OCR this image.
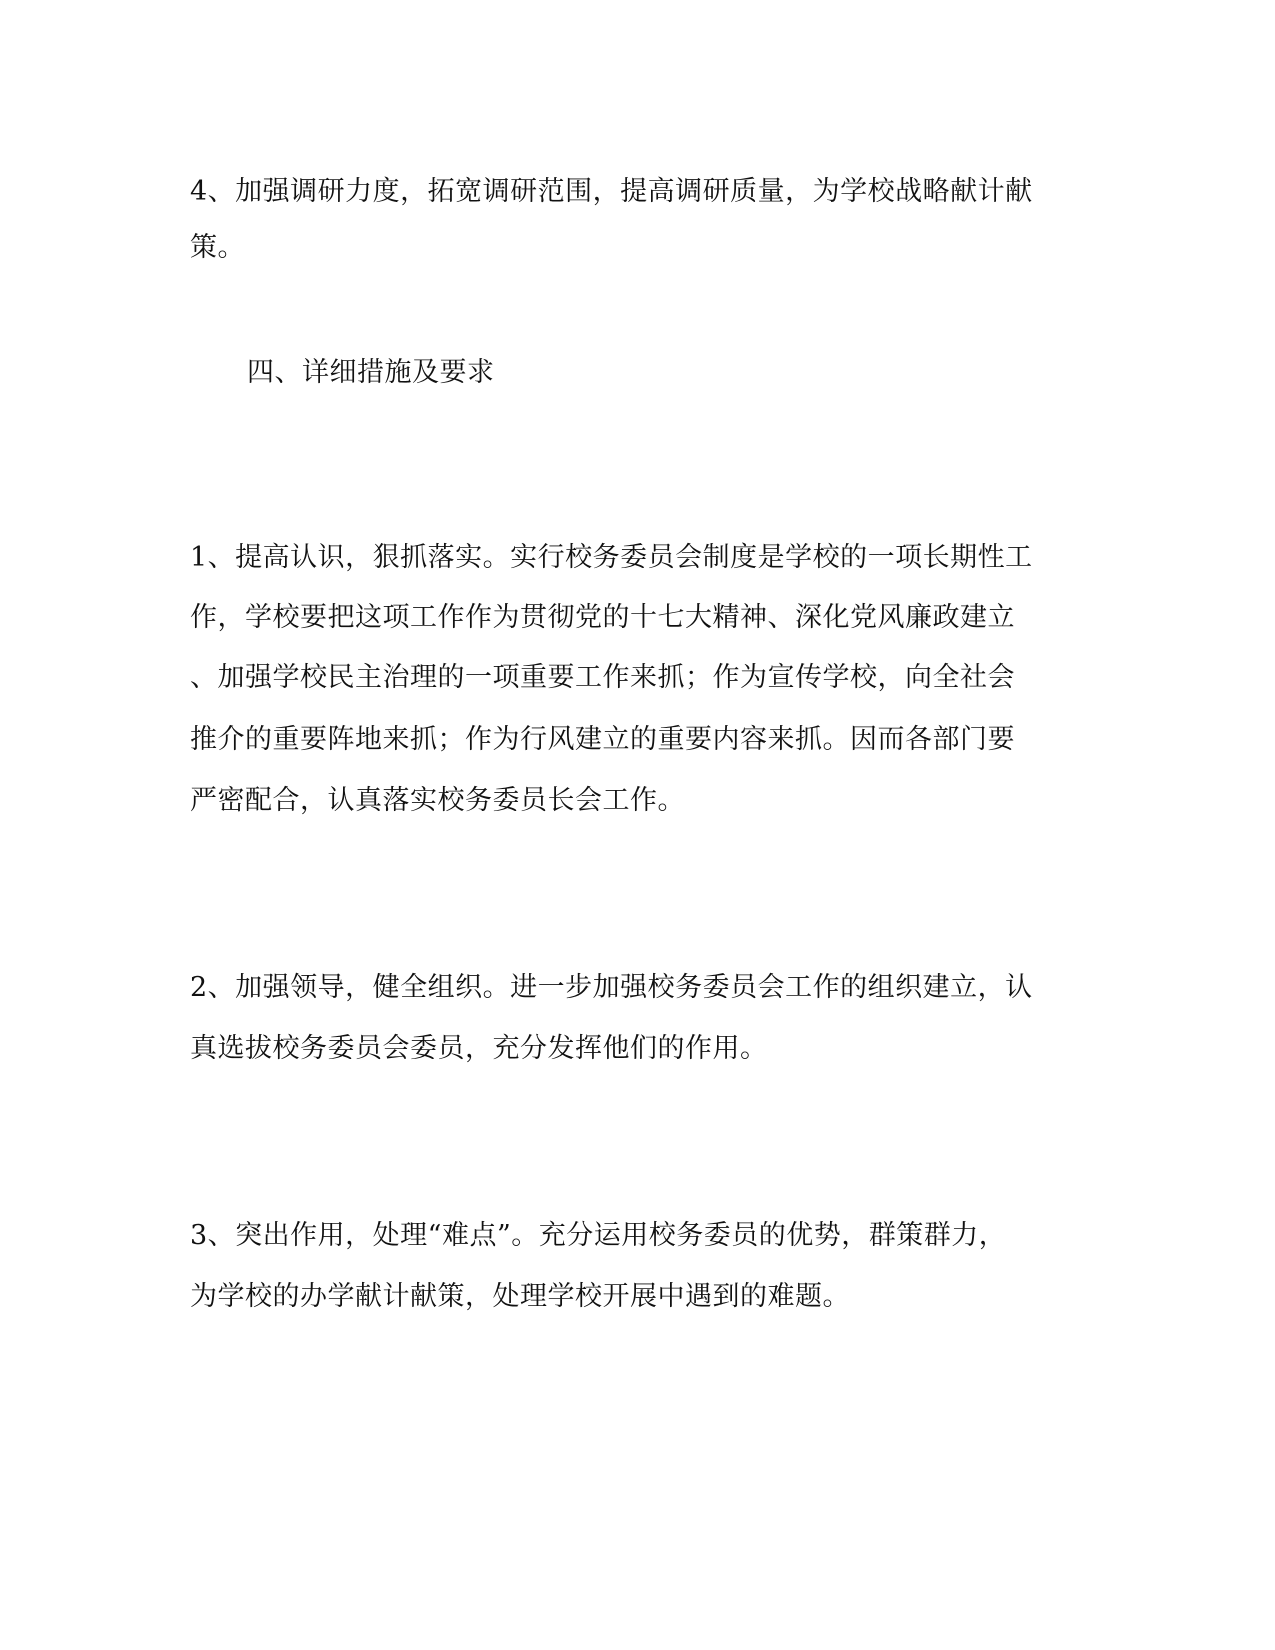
4、加强调研力度，拓宽调研范围，提高调研质量，为学校战略献计献
策。
四、详细措施及要求
1、提高认识，狠抓落实。实行校务委员会制度是学校的一项长期性工
作，学校要把这项工作作为贯彻党的十七大精神、深化党风廉政建立
、加强学校民主治理的一项重要工作来抓；作为宣传学校，向全社会
推介的重要阵地来抓；作为行风建立的重要内容来抓。因而各部门要
严密配合，认真落实校务委员长会工作。
2、加强领导，健全组织。进一步加强校务委员会工作的组织建立，认
真选拔校务委员会委员，充分发挥他们的作用。
3、突出作用，处理“难点”。充分运用校务委员的优势，群策群力，
为学校的办学献计献策，处理学校开展中遇到的难题。
